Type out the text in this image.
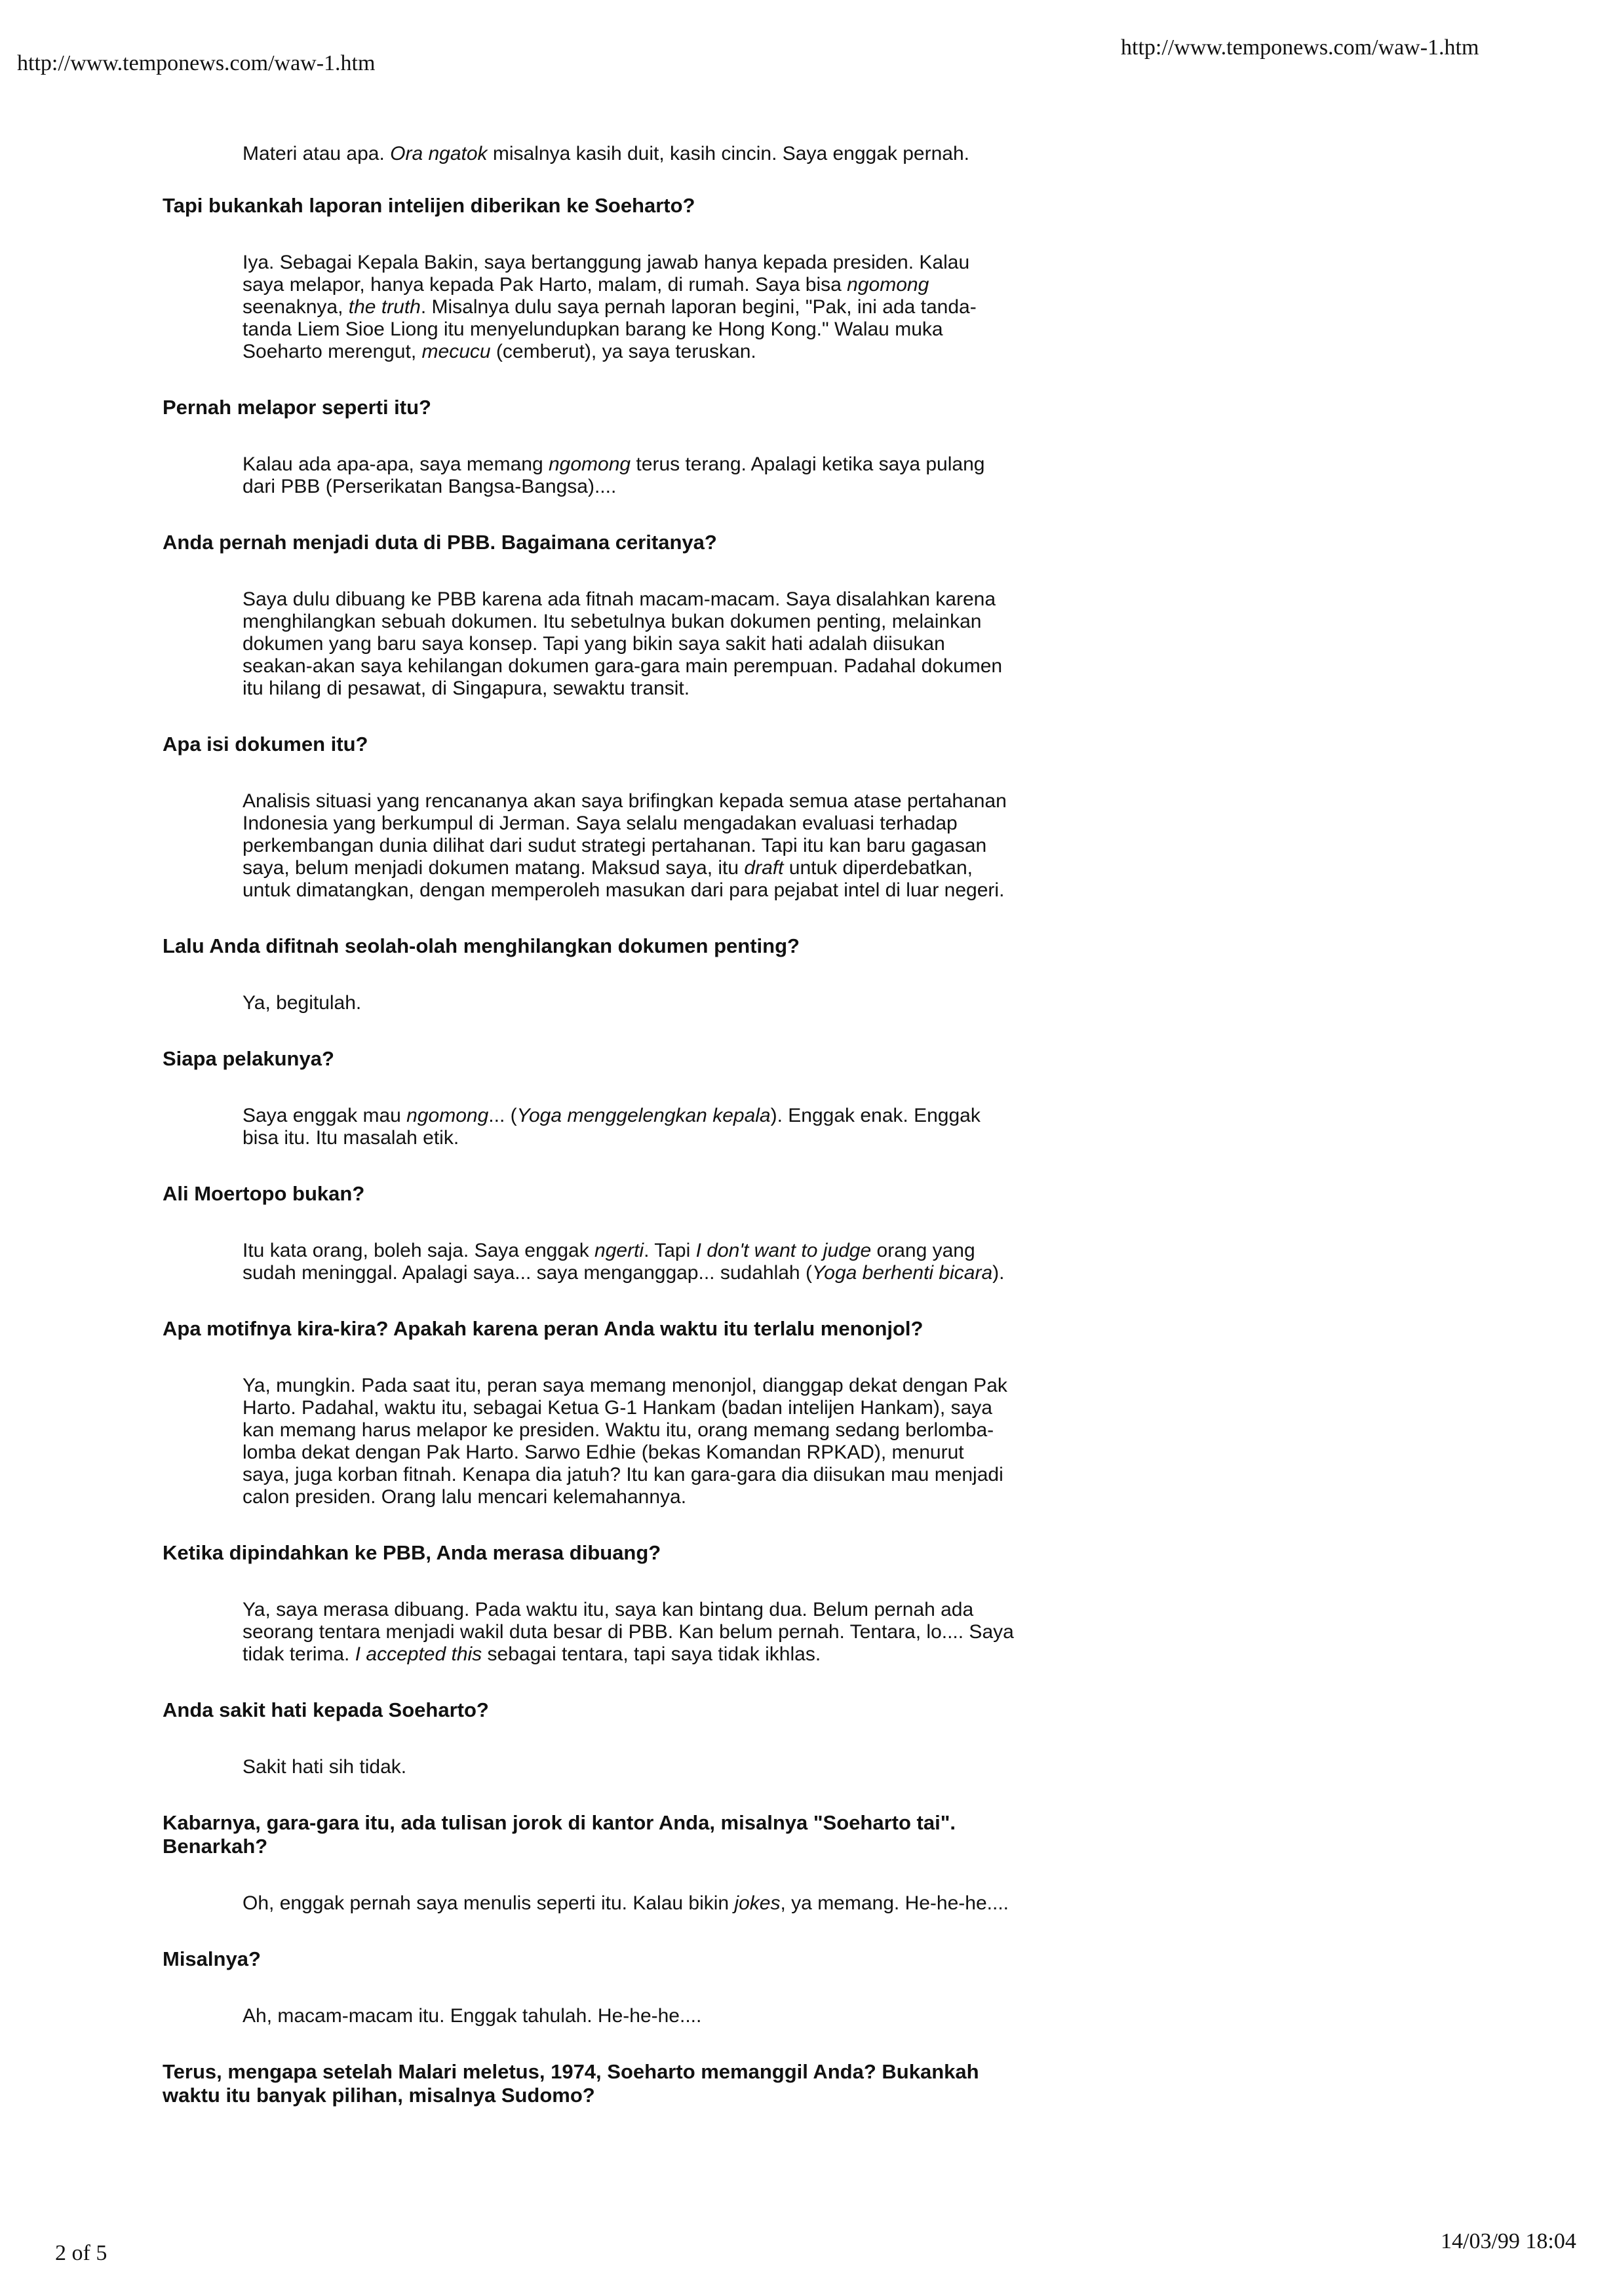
http://www.temponews.com/waw-1.htm
http://www.temponews.com/waw-1.htm
Materi atau apa. Ora ngatok misalnya kasih duit, kasih cincin. Saya enggak pernah.
Tapi bukankah laporan intelijen diberikan ke Soeharto?
Iya. Sebagai Kepala Bakin, saya bertanggung jawab hanya kepada presiden. Kalau saya melapor, hanya kepada Pak Harto, malam, di rumah. Saya bisa ngomong seenaknya, the truth. Misalnya dulu saya pernah laporan begini, "Pak, ini ada tanda-tanda Liem Sioe Liong itu menyelundupkan barang ke Hong Kong." Walau muka Soeharto merengut, mecucu (cemberut), ya saya teruskan.
Pernah melapor seperti itu?
Kalau ada apa-apa, saya memang ngomong terus terang. Apalagi ketika saya pulang dari PBB (Perserikatan Bangsa-Bangsa)....
Anda pernah menjadi duta di PBB. Bagaimana ceritanya?
Saya dulu dibuang ke PBB karena ada fitnah macam-macam. Saya disalahkan karena menghilangkan sebuah dokumen. Itu sebetulnya bukan dokumen penting, melainkan dokumen yang baru saya konsep. Tapi yang bikin saya sakit hati adalah diisukan seakan-akan saya kehilangan dokumen gara-gara main perempuan. Padahal dokumen itu hilang di pesawat, di Singapura, sewaktu transit.
Apa isi dokumen itu?
Analisis situasi yang rencananya akan saya brifingkan kepada semua atase pertahanan Indonesia yang berkumpul di Jerman. Saya selalu mengadakan evaluasi terhadap perkembangan dunia dilihat dari sudut strategi pertahanan. Tapi itu kan baru gagasan saya, belum menjadi dokumen matang. Maksud saya, itu draft untuk diperdebatkan, untuk dimatangkan, dengan memperoleh masukan dari para pejabat intel di luar negeri.
Lalu Anda difitnah seolah-olah menghilangkan dokumen penting?
Ya, begitulah.
Siapa pelakunya?
Saya enggak mau ngomong... (Yoga menggelengkan kepala). Enggak enak. Enggak bisa itu. Itu masalah etik.
Ali Moertopo bukan?
Itu kata orang, boleh saja. Saya enggak ngerti. Tapi I don't want to judge orang yang sudah meninggal. Apalagi saya... saya menganggap... sudahlah (Yoga berhenti bicara).
Apa motifnya kira-kira? Apakah karena peran Anda waktu itu terlalu menonjol?
Ya, mungkin. Pada saat itu, peran saya memang menonjol, dianggap dekat dengan Pak Harto. Padahal, waktu itu, sebagai Ketua G-1 Hankam (badan intelijen Hankam), saya kan memang harus melapor ke presiden. Waktu itu, orang memang sedang berlomba-lomba dekat dengan Pak Harto. Sarwo Edhie (bekas Komandan RPKAD), menurut saya, juga korban fitnah. Kenapa dia jatuh? Itu kan gara-gara dia diisukan mau menjadi calon presiden. Orang lalu mencari kelemahannya.
Ketika dipindahkan ke PBB, Anda merasa dibuang?
Ya, saya merasa dibuang. Pada waktu itu, saya kan bintang dua. Belum pernah ada seorang tentara menjadi wakil duta besar di PBB. Kan belum pernah. Tentara, lo.... Saya tidak terima. I accepted this sebagai tentara, tapi saya tidak ikhlas.
Anda sakit hati kepada Soeharto?
Sakit hati sih tidak.
Kabarnya, gara-gara itu, ada tulisan jorok di kantor Anda, misalnya "Soeharto tai". Benarkah?
Oh, enggak pernah saya menulis seperti itu. Kalau bikin jokes, ya memang. He-he-he....
Misalnya?
Ah, macam-macam itu. Enggak tahulah. He-he-he....
Terus, mengapa setelah Malari meletus, 1974, Soeharto memanggil Anda? Bukankah waktu itu banyak pilihan, misalnya Sudomo?
2 of 5	14/03/99 18:04
